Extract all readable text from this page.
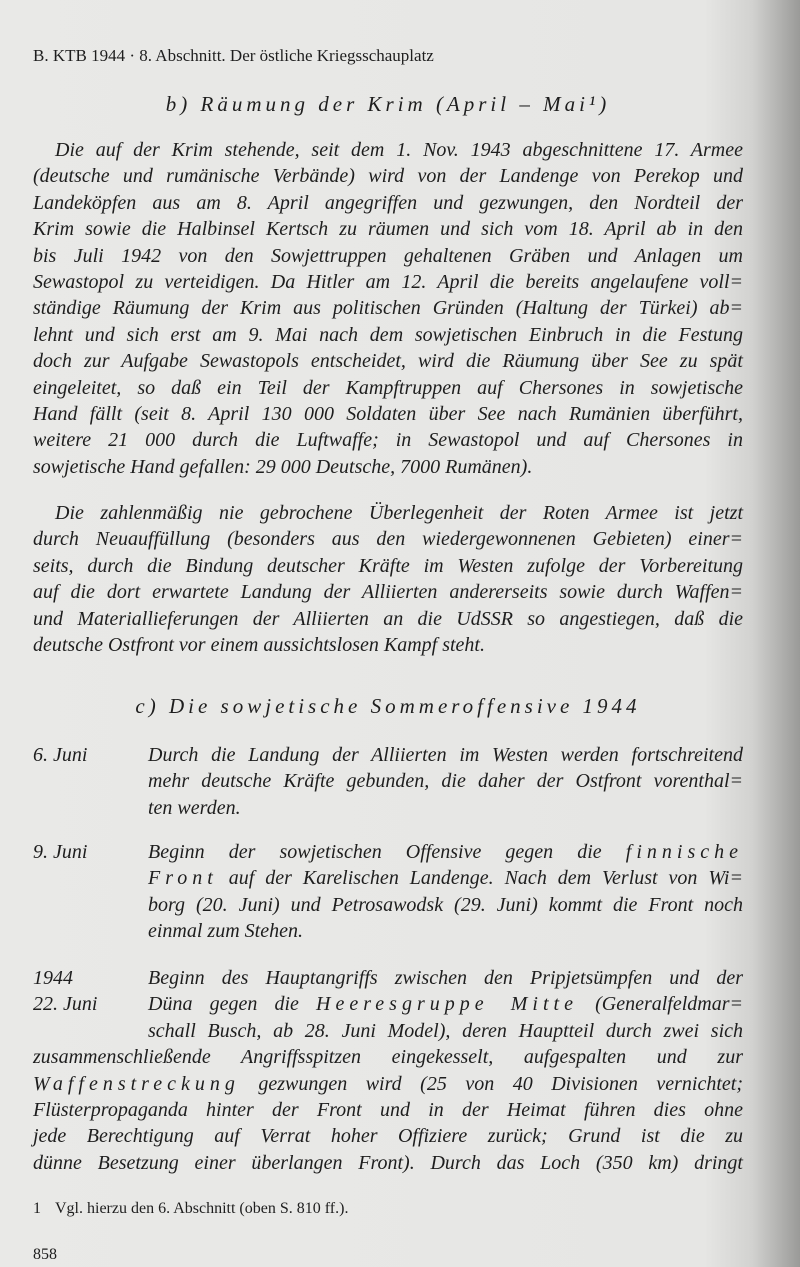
B. KTB 1944 · 8. Abschnitt. Der östliche Kriegsschauplatz
b) Räumung der Krim (April – Mai¹)
Die auf der Krim stehende, seit dem 1. Nov. 1943 abgeschnittene 17. Armee
(deutsche und rumänische Verbände) wird von der Landenge von Perekop und
Landeköpfen aus am 8. April angegriffen und gezwungen, den Nordteil der
Krim sowie die Halbinsel Kertsch zu räumen und sich vom 18. April ab in den
bis Juli 1942 von den Sowjettruppen gehaltenen Gräben und Anlagen um
Sewastopol zu verteidigen. Da Hitler am 12. April die bereits angelaufene voll=
ständige Räumung der Krim aus politischen Gründen (Haltung der Türkei) ab=
lehnt und sich erst am 9. Mai nach dem sowjetischen Einbruch in die Festung
doch zur Aufgabe Sewastopols entscheidet, wird die Räumung über See zu spät
eingeleitet, so daß ein Teil der Kampftruppen auf Chersones in sowjetische
Hand fällt (seit 8. April 130 000 Soldaten über See nach Rumänien überführt,
weitere 21 000 durch die Luftwaffe; in Sewastopol und auf Chersones in
sowjetische Hand gefallen: 29 000 Deutsche, 7000 Rumänen).
Die zahlenmäßig nie gebrochene Überlegenheit der Roten Armee ist jetzt
durch Neuauffüllung (besonders aus den wiedergewonnenen Gebieten) einer=
seits, durch die Bindung deutscher Kräfte im Westen zufolge der Vorbereitung
auf die dort erwartete Landung der Alliierten andererseits sowie durch Waffen=
und Materiallieferungen der Alliierten an die UdSSR so angestiegen, daß die
deutsche Ostfront vor einem aussichtslosen Kampf steht.
c) Die sowjetische Sommeroffensive 1944
6. Juni	Durch die Landung der Alliierten im Westen werden fortschreitend
mehr deutsche Kräfte gebunden, die daher der Ostfront vorenthal=
ten werden.
9. Juni	Beginn der sowjetischen Offensive gegen die finnische
Front auf der Karelischen Landenge. Nach dem Verlust von Wi=
borg (20. Juni) und Petrosawodsk (29. Juni) kommt die Front noch
einmal zum Stehen.
1944
22. Juni
Beginn des Hauptangriffs zwischen den Pripjetsümpfen und der
Düna gegen die Heeresgruppe Mitte (Generalfeldmar=
schall Busch, ab 28. Juni Model), deren Hauptteil durch zwei sich
zusammenschließende Angriffsspitzen eingekesselt, aufgespalten und zur
Waffenstreckung gezwungen wird (25 von 40 Divisionen vernichtet;
Flüsterpropaganda hinter der Front und in der Heimat führen dies ohne
jede Berechtigung auf Verrat hoher Offiziere zurück; Grund ist die zu
dünne Besetzung einer überlangen Front). Durch das Loch (350 km) dringt
1 Vgl. hierzu den 6. Abschnitt (oben S. 810 ff.).
858
